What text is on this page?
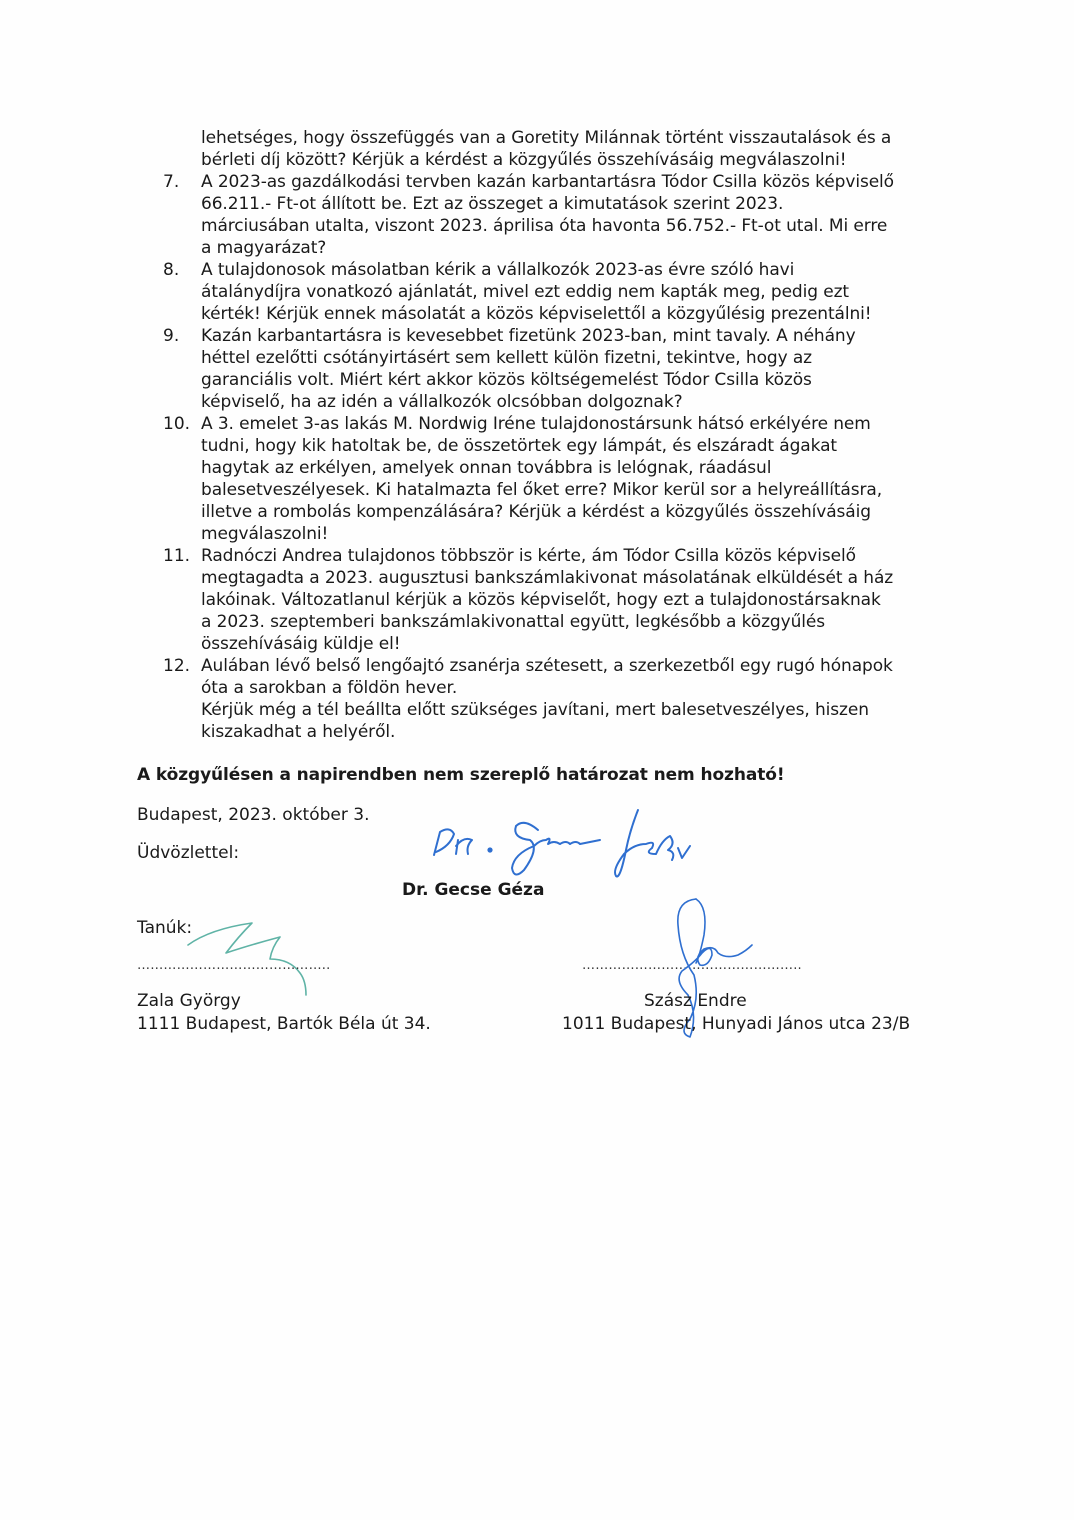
lehetséges, hogy összefüggés van a Goretity Milánnak történt visszautalások és a
bérleti díj között? Kérjük a kérdést a közgyűlés összehívásáig megválaszolni!
7. A 2023-as gazdálkodási tervben kazán karbantartásra Tódor Csilla közös képviselő
66.211.- Ft-ot állított be. Ezt az összeget a kimutatások szerint 2023.
márciusában utalta, viszont 2023. áprilisa óta havonta 56.752.- Ft-ot utal. Mi erre
a magyarázat?
8. A tulajdonosok másolatban kérik a vállalkozók 2023-as évre szóló havi
átalánydíjra vonatkozó ajánlatát, mivel ezt eddig nem kapták meg, pedig ezt
kérték! Kérjük ennek másolatát a közös képviselettől a közgyűlésig prezentálni!
9. Kazán karbantartásra is kevesebbet fizetünk 2023-ban, mint tavaly. A néhány
héttel ezelőtti csótányirtásért sem kellett külön fizetni, tekintve, hogy az
garanciális volt. Miért kért akkor közös költségemelést Tódor Csilla közös
képviselő, ha az idén a vállalkozók olcsóbban dolgoznak?
10. A 3. emelet 3-as lakás M. Nordwig Iréne tulajdonostársunk hátsó erkélyére nem
tudni, hogy kik hatoltak be, de összetörtek egy lámpát, és elszáradt ágakat
hagytak az erkélyen, amelyek onnan továbbra is lelógnak, ráadásul
balesetveszélyesek. Ki hatalmazta fel őket erre? Mikor kerül sor a helyreállításra,
illetve a rombolás kompenzálására? Kérjük a kérdést a közgyűlés összehívásáig
megválaszolni!
11. Radnóczi Andrea tulajdonos többször is kérte, ám Tódor Csilla közös képviselő
megtagadta a 2023. augusztusi bankszámlakivonat másolatának elküldését a ház
lakóinak. Változatlanul kérjük a közös képviselőt, hogy ezt a tulajdonostársaknak
a 2023. szeptemberi bankszámlakivonattal együtt, legkésőbb a közgyűlés
összehívásáig küldje el!
12. Aulában lévő belső lengőajtó zsanérja szétesett, a szerkezetből egy rugó hónapok
óta a sarokban a földön hever.
Kérjük még a tél beállta előtt szükséges javítani, mert balesetveszélyes, hiszen
kiszakadhat a helyéről.
A közgyűlésen a napirendben nem szereplő határozat nem hozható!
Budapest, 2023. október 3.
Üdvözlettel:
Dr. Gecse Géza
Tanúk:
……………………………………..	…………………………………………..
Zala György
1111 Budapest, Bartók Béla út 34.
Szász Endre
1011 Budapest, Hunyadi János utca 23/B
